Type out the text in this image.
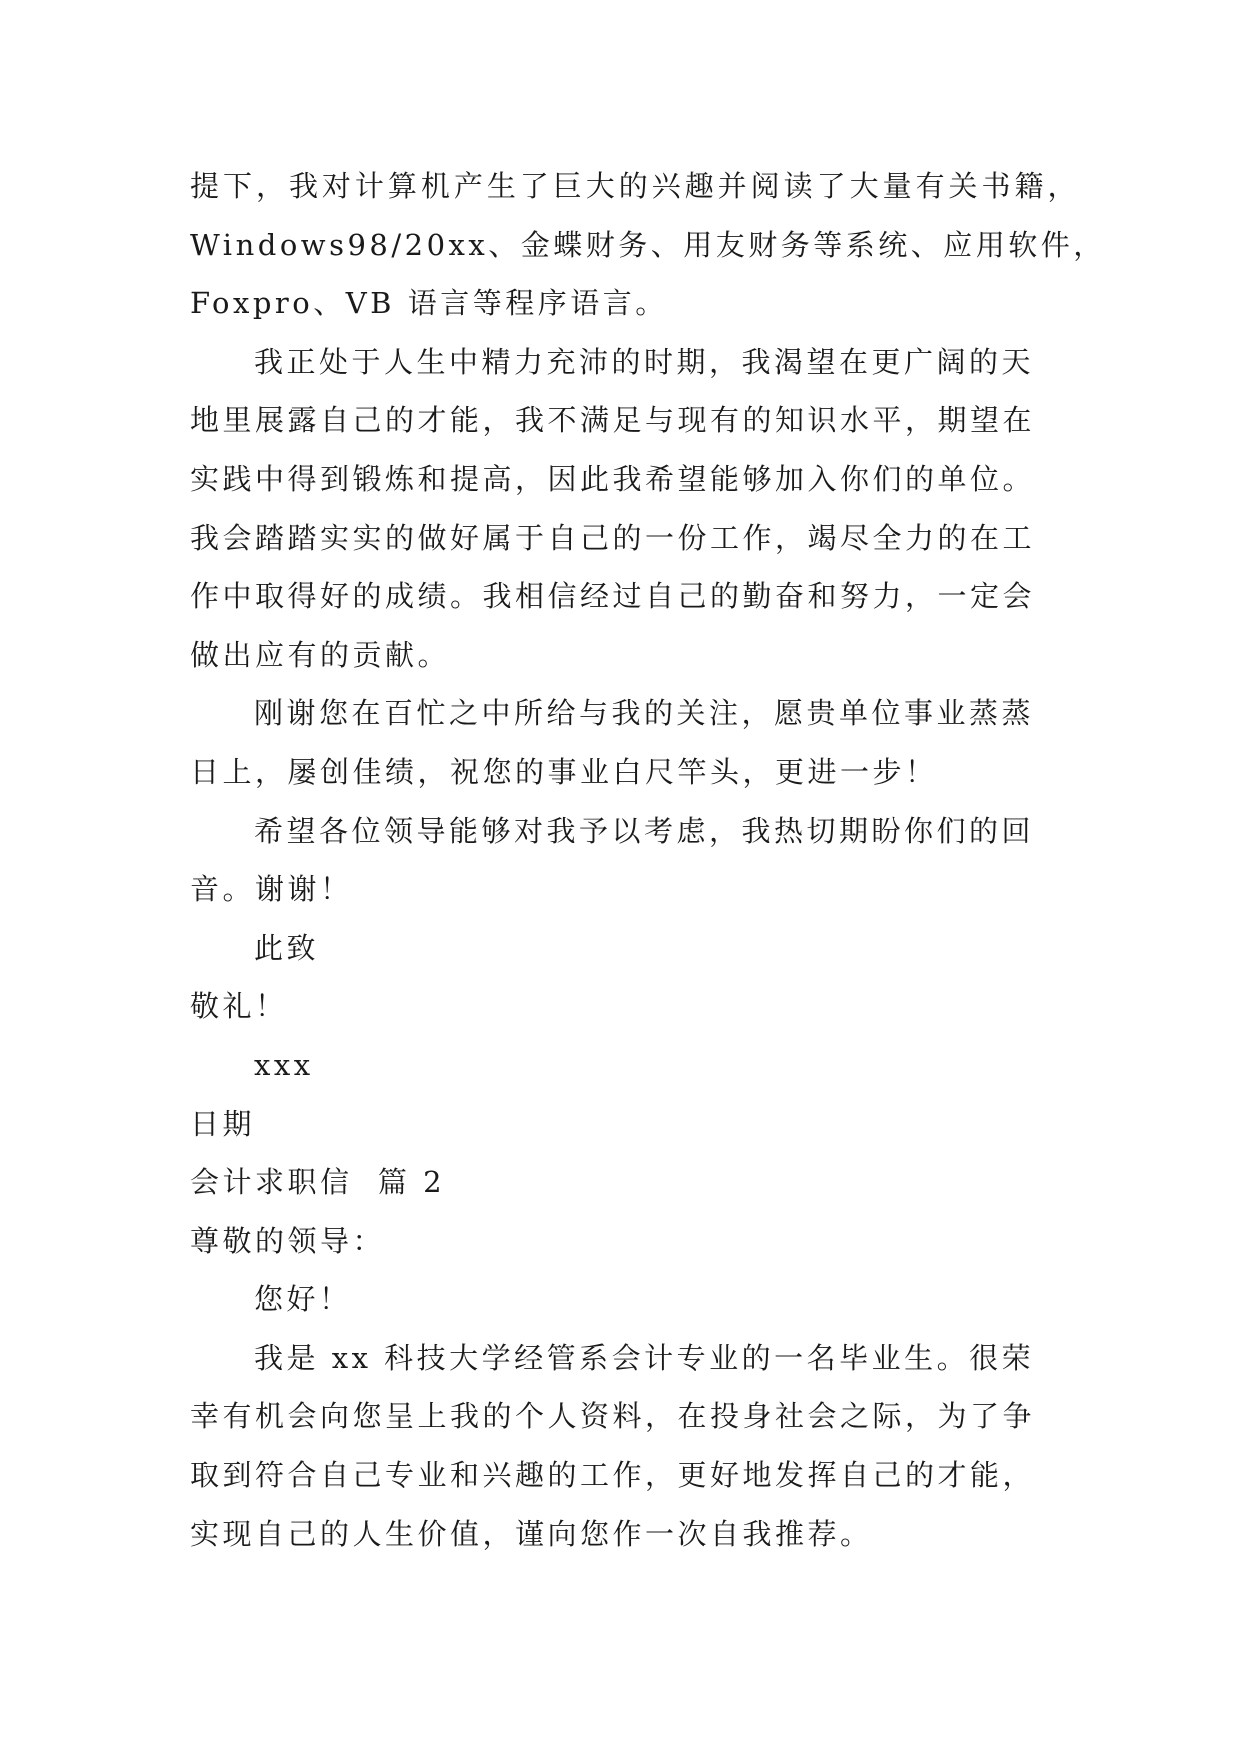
提下，我对计算机产生了巨大的兴趣并阅读了大量有关书籍，
Windows98/20xx、金蝶财务、用友财务等系统、应用软件，
Foxpro、VB 语言等程序语言。
我正处于人生中精力充沛的时期，我渴望在更广阔的天
地里展露自己的才能，我不满足与现有的知识水平，期望在
实践中得到锻炼和提高，因此我希望能够加入你们的单位。
我会踏踏实实的做好属于自己的一份工作，竭尽全力的在工
作中取得好的成绩。我相信经过自己的勤奋和努力，一定会
做出应有的贡献。
刚谢您在百忙之中所给与我的关注，愿贵单位事业蒸蒸
日上，屡创佳绩，祝您的事业白尺竿头，更进一步！
希望各位领导能够对我予以考虑，我热切期盼你们的回
音。谢谢！
此致
敬礼！
xxx
日期
会计求职信  篇 2
尊敬的领导：
您好！
我是 xx 科技大学经管系会计专业的一名毕业生。很荣
幸有机会向您呈上我的个人资料，在投身社会之际，为了争
取到符合自己专业和兴趣的工作，更好地发挥自己的才能，
实现自己的人生价值，谨向您作一次自我推荐。
